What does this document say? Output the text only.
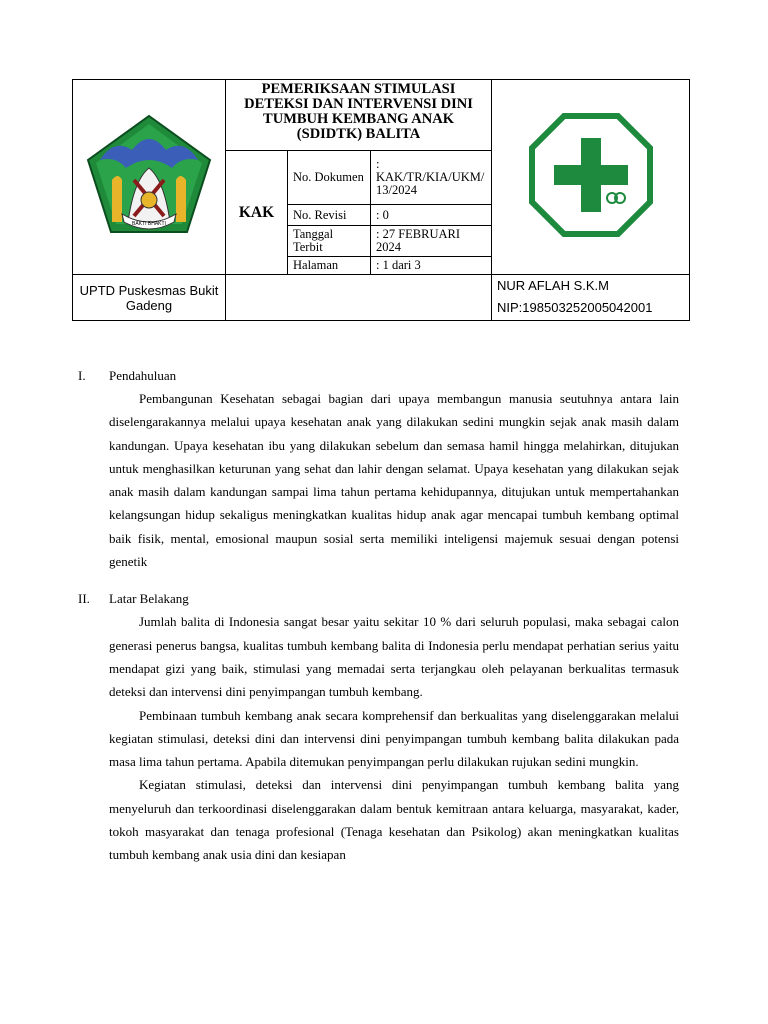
BAKTI BHAKTI	PEMERIKSAAN STIMULASI DETEKSI DAN INTERVENSI DINI TUMBUH KEMBANG ANAK (SDIDTK) BALITA	
	KAK	No. Dokumen	: KAK/TR/KIA/UKM/ 13/2024	
		No. Revisi	: 0	
		Tanggal Terbit	: 27 FEBRUARI 2024	
		Halaman	: 1 dari 3	
UPTD Puskesmas Bukit Gadeng				NUR AFLAH S.K.M
NIP:198503252005042001
I.	Pendahuluan

Pembangunan Kesehatan sebagai bagian dari upaya membangun manusia seutuhnya antara lain diselengarakannya melalui upaya kesehatan anak yang dilakukan sedini mungkin sejak anak masih dalam kandungan. Upaya kesehatan ibu yang dilakukan sebelum dan semasa hamil hingga melahirkan, ditujukan untuk menghasilkan keturunan yang sehat dan lahir dengan selamat. Upaya kesehatan yang dilakukan sejak anak masih dalam kandungan sampai lima tahun pertama kehidupannya, ditujukan untuk mempertahankan kelangsungan hidup sekaligus meningkatkan kualitas hidup anak agar mencapai tumbuh kembang optimal baik fisik, mental, emosional maupun sosial serta memiliki inteligensi majemuk sesuai dengan potensi genetik

II.	Latar Belakang

Jumlah balita di Indonesia sangat besar yaitu sekitar 10 % dari seluruh populasi, maka sebagai calon generasi penerus bangsa, kualitas tumbuh kembang balita di Indonesia perlu mendapat perhatian serius yaitu mendapat gizi yang baik, stimulasi yang memadai serta terjangkau oleh pelayanan berkualitas termasuk deteksi dan intervensi dini penyimpangan tumbuh kembang.

Pembinaan tumbuh kembang anak secara komprehensif dan berkualitas yang diselenggarakan melalui kegiatan stimulasi, deteksi dini dan intervensi dini penyimpangan tumbuh kembang balita dilakukan pada masa lima tahun pertama. Apabila ditemukan penyimpangan perlu dilakukan rujukan sedini mungkin.

Kegiatan stimulasi, deteksi dan intervensi dini penyimpangan tumbuh kembang balita yang menyeluruh dan terkoordinasi diselenggarakan dalam bentuk kemitraan antara keluarga, masyarakat, kader, tokoh masyarakat dan tenaga profesional (Tenaga kesehatan dan Psikolog) akan meningkatkan kualitas tumbuh kembang anak usia dini dan kesiapan
